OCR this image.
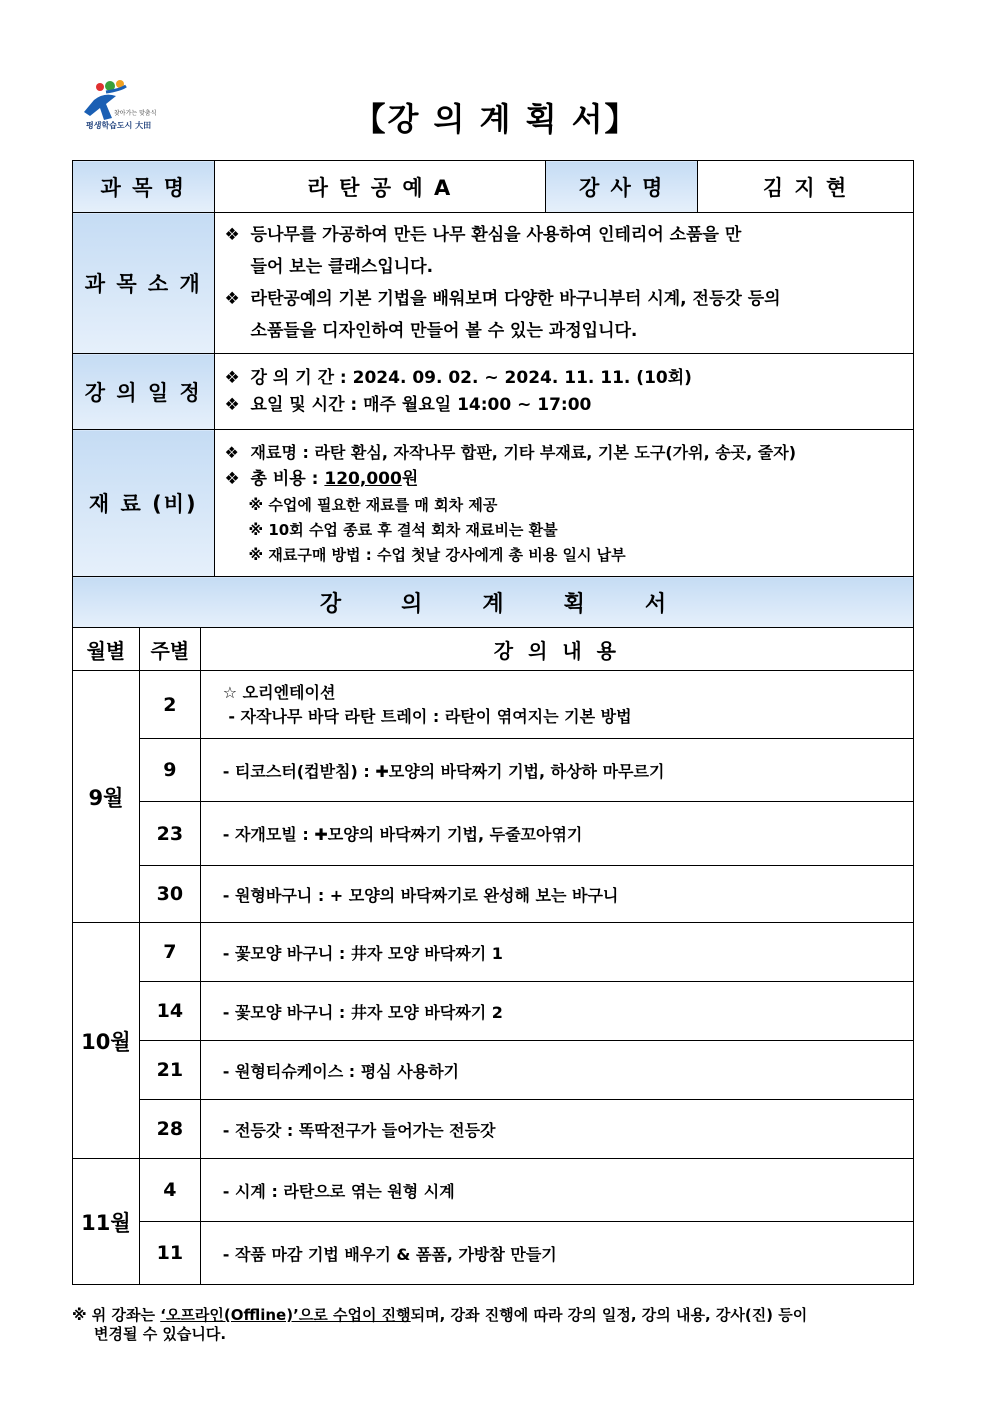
찾아가는 맞춤식
평생학습도시 大田	【강 의 계 획 서】
과 목 명	라 탄 공 예 A	강 사 명	김 지 현
과 목 소 개	❖ 등나무를 가공하여 만든 나무 환심을 사용하여 인테리어 소품을 만
들어 보는 클래스입니다.
❖ 라탄공예의 기본 기법을 배워보며 다양한 바구니부터 시계, 전등갓 등의
소품들을 디자인하여 만들어 볼 수 있는 과정입니다.		

강 의 일 정	❖ 강 의 기 간 : 2024. 09. 02. ~ 2024. 11. 11. (10회)
❖ 요일 및 시간 : 매주 월요일 14:00 ~ 17:00		

재 료 (비)	❖ 재료명 : 라탄 환심, 자작나무 합판, 기타 부재료, 기본 도구(가위, 송곳, 줄자)
❖ 총 비용 : 120,000원
※ 수업에 필요한 재료를 매 회차 제공
※ 10회 수업 종료 후 결석 회차 재료비는 환불
※ 재료구매 방법 : 수업 첫날 강사에게 총 비용 일시 납부		
강 의 계 획 서		
월별	주별	강 의 내 용
9월	2	☆ 오리엔테이션
- 자작나무 바닥 라탄 트레이 : 라탄이 엮여지는 기본 방법

	9	- 티코스터(컵받침) : ✚모양의 바닥짜기 기법, 하상하 마무르기
	23	- 자개모빌 : ✚모양의 바닥짜기 기법, 두줄꼬아엮기
	30	- 원형바구니 : + 모양의 바닥짜기로 완성해 보는 바구니
10월	7	- 꽃모양 바구니 : 井자 모양 바닥짜기 1
	14	- 꽃모양 바구니 : 井자 모양 바닥짜기 2
	21	- 원형티슈케이스 : 평심 사용하기
	28	- 전등갓 : 똑딱전구가 들어가는 전등갓
11월	4	- 시계 : 라탄으로 엮는 원형 시계
	11	- 작품 마감 기법 배우기 & 폼폼, 가방참 만들기
※ 위 강좌는 ‘오프라인(Offline)’으로 수업이 진행되며, 강좌 진행에 따라 강의 일정, 강의 내용, 강사(진) 등이
변경될 수 있습니다.
